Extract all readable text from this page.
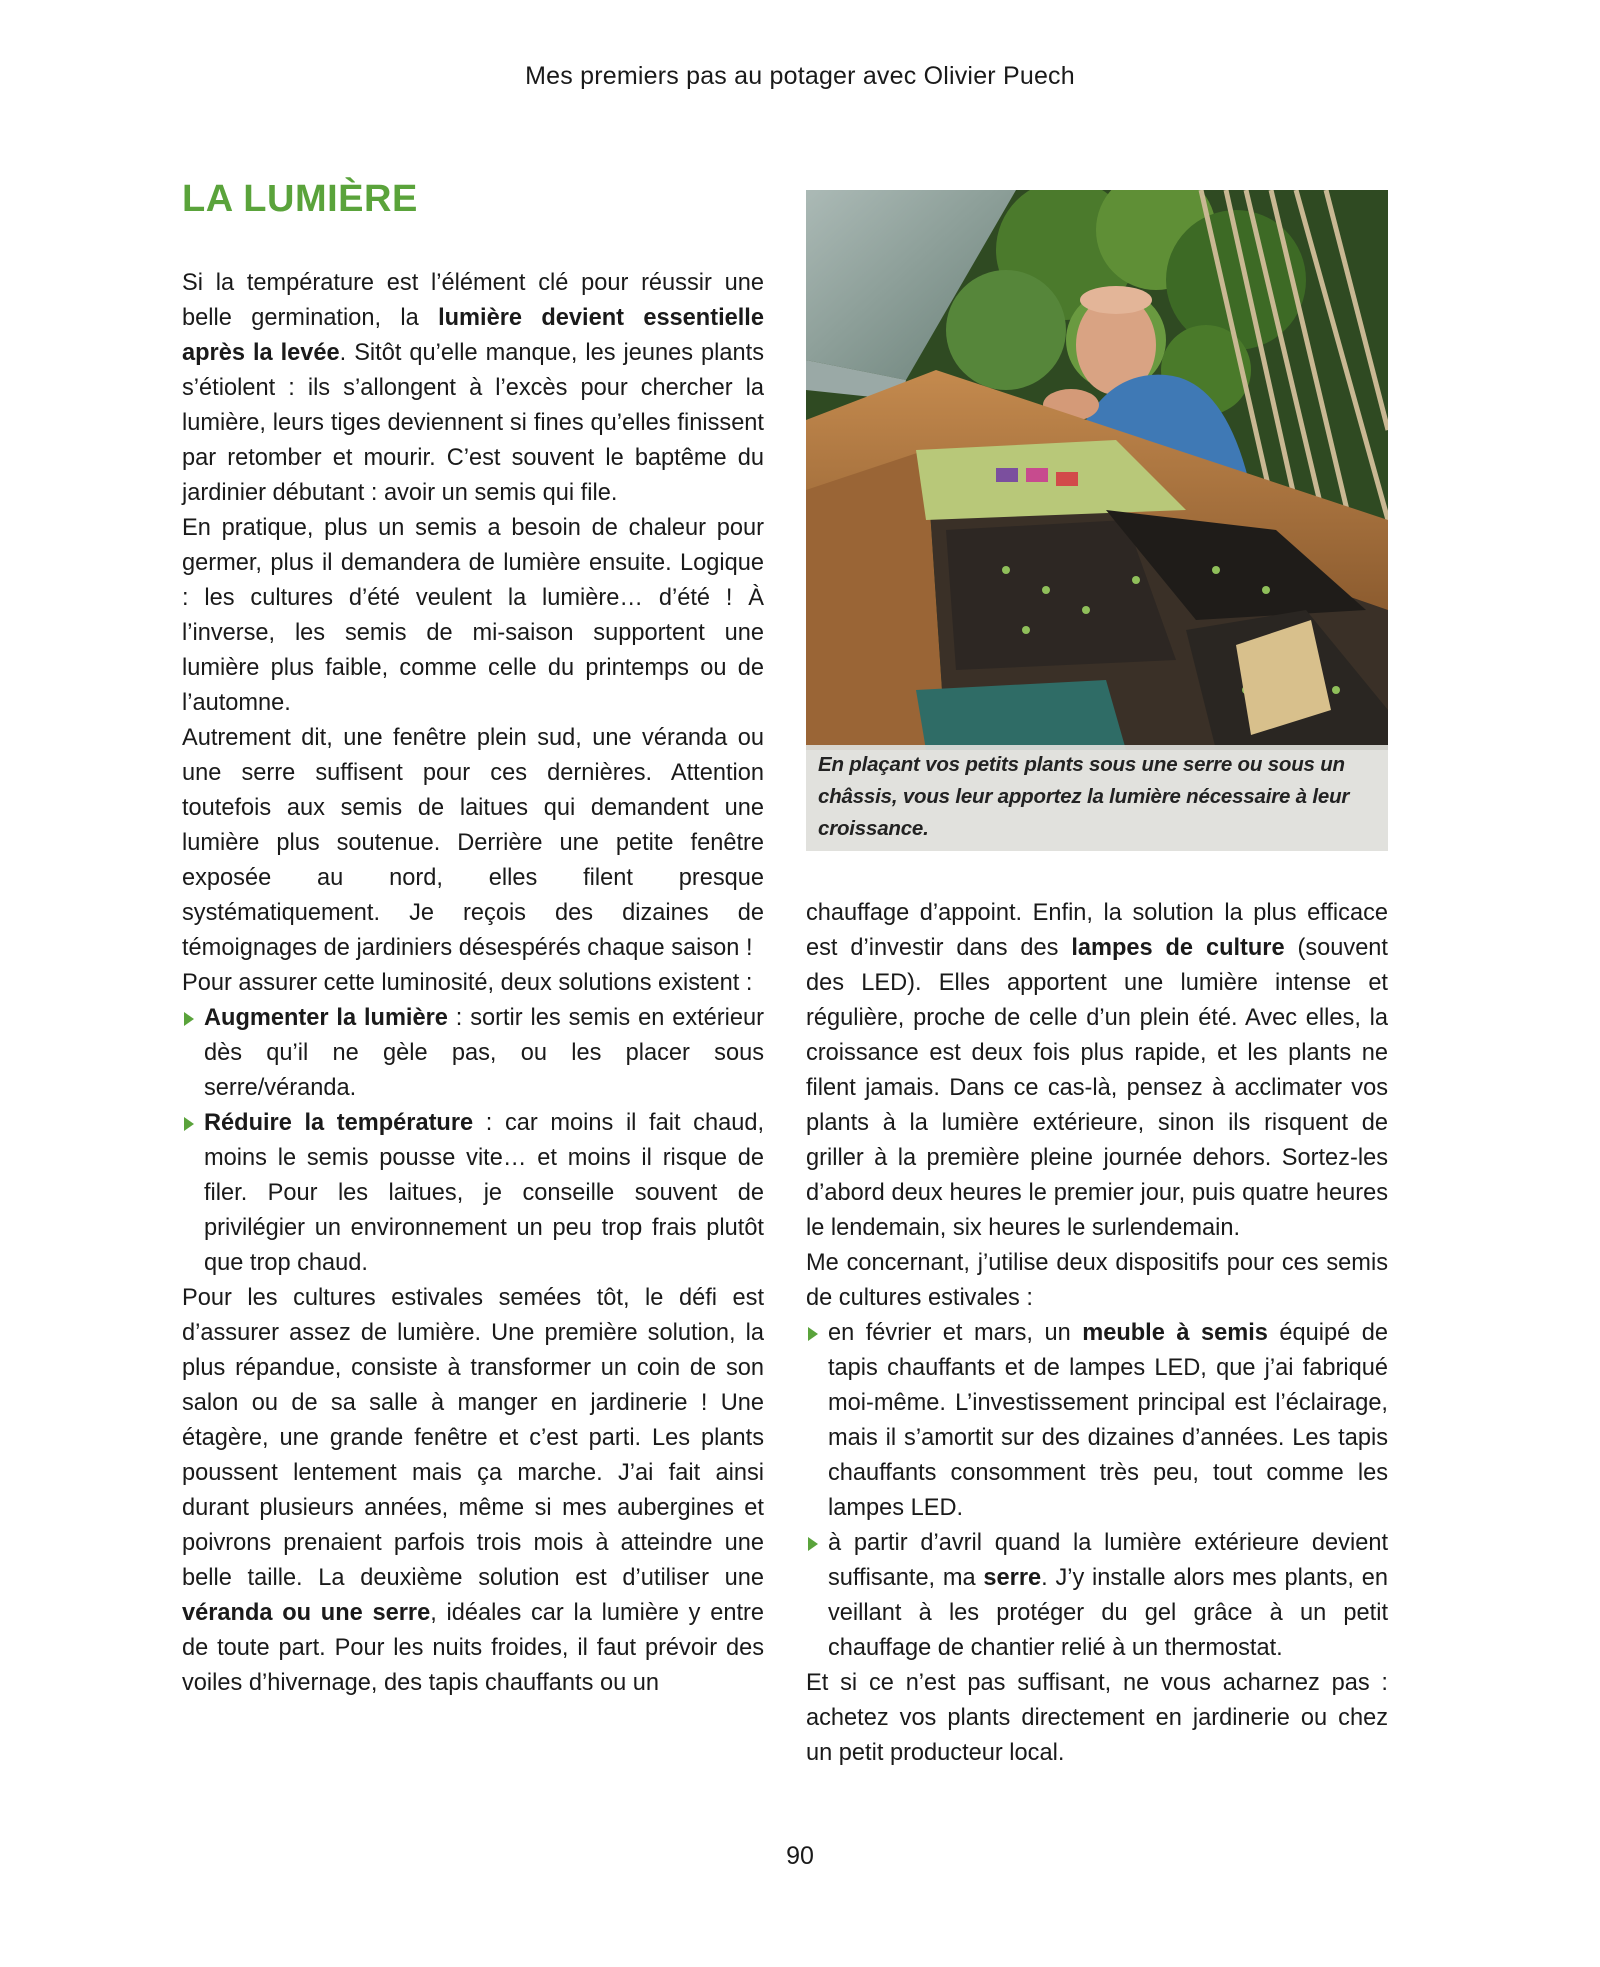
Mes premiers pas au potager avec Olivier Puech
LA LUMIÈRE

Si la température est l’élément clé pour réussir une belle germination, la lumière devient essentielle après la levée. Sitôt qu’elle manque, les jeunes plants s’étiolent : ils s’allongent à l’excès pour chercher la lumière, leurs tiges deviennent si fines qu’elles finissent par retomber et mourir. C’est souvent le baptême du jardinier débutant : avoir un semis qui file.

En pratique, plus un semis a besoin de chaleur pour germer, plus il demandera de lumière ensuite. Logique : les cultures d’été veulent la lumière… d’été ! À l’inverse, les semis de mi-saison supportent une lumière plus faible, comme celle du printemps ou de l’automne.

Autrement dit, une fenêtre plein sud, une véranda ou une serre suffisent pour ces dernières. Attention toutefois aux semis de laitues qui demandent une lumière plus soutenue. Derrière une petite fenêtre exposée au nord, elles filent presque systématiquement. Je reçois des dizaines de témoignages de jardiniers désespérés chaque saison !

Pour assurer cette luminosité, deux solutions existent :

Augmenter la lumière : sortir les semis en extérieur dès qu’il ne gèle pas, ou les placer sous serre/véranda.

Réduire la température : car moins il fait chaud, moins le semis pousse vite… et moins il risque de filer. Pour les laitues, je conseille souvent de privilégier un environnement un peu trop frais plutôt que trop chaud.

Pour les cultures estivales semées tôt, le défi est d’assurer assez de lumière. Une première solution, la plus répandue, consiste à transformer un coin de son salon ou de sa salle à manger en jardinerie ! Une étagère, une grande fenêtre et c’est parti. Les plants poussent lentement mais ça marche. J’ai fait ainsi durant plusieurs années, même si mes aubergines et poivrons prenaient parfois trois mois à atteindre une belle taille. La deuxième solution est d’utiliser une véranda ou une serre, idéales car la lumière y entre de toute part. Pour les nuits froides, il faut prévoir des voiles d’hivernage, des tapis chauffants ou un

En plaçant vos petits plants sous une serre ou sous un châssis, vous leur apportez la lumière nécessaire à leur croissance.

chauffage d’appoint. Enfin, la solution la plus efficace est d’investir dans des lampes de culture (souvent des LED). Elles apportent une lumière intense et régulière, proche de celle d’un plein été. Avec elles, la croissance est deux fois plus rapide, et les plants ne filent jamais. Dans ce cas-là, pensez à acclimater vos plants à la lumière extérieure, sinon ils risquent de griller à la première pleine journée dehors. Sortez-les d’abord deux heures le premier jour, puis quatre heures le lendemain, six heures le surlendemain.

Me concernant, j’utilise deux dispositifs pour ces semis de cultures estivales :

en février et mars, un meuble à semis équipé de tapis chauffants et de lampes LED, que j’ai fabriqué moi-même. L’investissement principal est l’éclairage, mais il s’amortit sur des dizaines d’années. Les tapis chauffants consomment très peu, tout comme les lampes LED.

à partir d’avril quand la lumière extérieure devient suffisante, ma serre. J’y installe alors mes plants, en veillant à les protéger du gel grâce à un petit chauffage de chantier relié à un thermostat.

Et si ce n’est pas suffisant, ne vous acharnez pas : achetez vos plants directement en jardinerie ou chez un petit producteur local.

90
